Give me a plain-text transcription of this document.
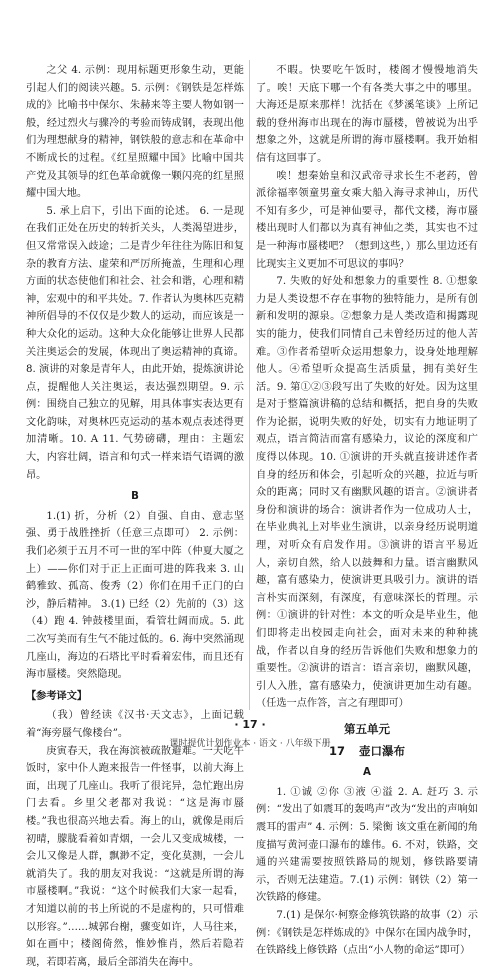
之父 4. 示例：现用标题更形象生动，更能引起人们的阅读兴趣。5. 示例：《钢铁是怎样炼成的》比喻书中保尔、朱赫来等主要人物如钢一般，经过烈火与骤冷的考验而铸成钢，表现出他们为理想献身的精神，钢铁般的意志和在革命中不断成长的过程。《红星照耀中国》比喻中国共产党及其领导的红色革命就像一颗闪亮的红星照耀中国大地。

5. 承上启下，引出下面的论述。 6. 一是现在我们正处在历史的转折关头，人类渴望进步，但又常常误入歧途；二是青少年往往为陈旧和复杂的教育方法、虚荣和严厉所掩盖，生理和心理方面的状态使他们和社会、社会和谐，心理和精神，宏观中的和平共处。7. 作者认为奥林匹克精神所倡导的不仅仅是少数人的运动，而应该是一种大众化的运动。这种大众化能够让世界人民都关注奥运会的发展，体现出了奥运精神的真谛。8. 演讲的对象是青年人，由此开始，提炼演讲论点，提醒他人关注奥运，表达强烈期望。9. 示例：围绕自己独立的见解，用具体事实表达更有文化韵味，对奥林匹克运动的基本观点表述得更加清晰。10. A 11. 气势磅礴，理由：主题宏大，内容壮阔，语言和句式一样来语气语调的激昂。

B

1.(1) 折，分析（2）自强、自由、意志坚强、勇于战胜挫折（任意三点即可） 2. 示例：我们必须于五月不可一世的军中阵（仲夏大厦之上）——你们对于正上正面可进的阵我来 3. 山鹤雅致、孤高、俊秀（2）你们在用千正门的白沙，静后精神。 3.(1) 已经（2）先前的（3）这（4）跑 4. 钟鼓楼里面，看管壮阔而成。5. 此二次写美而有生气不能过低的。6. 海中突然涌现几座山，海边的石塔比平时看着宏伟，而且还有海市蜃楼。突然隐现。

【参考译文】

（我）曾经读《汉书·天文志》，上面记载着“海旁蜃气像楼台”。

庚寅春天，我在海滨被疏散避难。一天吃午饭时，家中仆人跑来报告一件怪事，以前大海上面，出现了几座山。我听了很诧异，急忙跑出房门去看。乡里父老都对我说：“这是海市蜃楼。”我也很高兴地去看。海上的山，就像是雨后初晴，朦胧看着如青烟，一会儿又变成城楼，一会儿又像是人群，飘渺不定，变化莫测，一会儿就消失了。我的朋友对我说：“这就是所谓的海市蜃楼啊。”我说：“这个时候我们大家一起看，才知道以前的书上所说的不是虚构的，只可惜难以形容。”……城郭台榭，骤变如许，人马往来，如在画中；楼阁倚然，惟妙惟肖，然后若隐若现，若即若离，最后全部消失在海中。

不暇。快要吃午饭时，楼阁才慢慢地消失了。唉！天底下哪一个有各类大事之中的哪里。大海还是原来那样！沈括在《梦溪笔谈》上所记载的登州海市出现在的海市蜃楼，曾被说为出乎想象之外，这就是所谓的海市蜃楼啊。我开始相信有这回事了。

唉！想秦始皇和汉武帝寻求长生不老药，曾派徐福率领童男童女乘大船入海寻求神山，历代不知有多少，可是神仙要寻，都代文楼，海市蜃楼出现时人们都以为真有神仙之类，其实也不过是一种海市蜃楼吧？（想到这些，）那么里边还有比现实主义更加不可思议的事吗？

7. 失败的好处和想象力的重要性 8. ①想象力是人类设想不存在事物的独特能力，是所有创新和发明的源泉。②想象力是人类改造和揭露现实的能力，使我们同情自己未曾经历过的他人苦难。③作者希望听众运用想象力，设身处地理解他人。④希望听众提高生活质量，拥有美好生活。9. 第①②③段写出了失败的好处。因为这里是对于整篇演讲稿的总结和概括，把自身的失败作为论据，说明失败的好处，切实有力地证明了观点，语言简洁而富有感染力，议论的深度和广度得以体现。10. ①演讲的开头就直接讲述作者自身的经历和体会，引起听众的兴趣，拉近与听众的距离；同时又有幽默风趣的语言。②演讲者身份和演讲的场合：演讲者作为一位成功人士，在毕业典礼上对毕业生演讲，以亲身经历说明道理，对听众有启发作用。③演讲的语言平易近人，亲切自然，给人以鼓舞和力量。语言幽默风趣，富有感染力，使演讲更具吸引力。演讲的语言朴实而深刻，有深度，有意味深长的哲理。示例：①演讲的针对性：本文的听众是毕业生，他们即将走出校园走向社会，面对未来的种种挑战，作者以自身的经历告诉他们失败和想象力的重要性。②演讲的语言：语言亲切，幽默风趣，引人入胜，富有感染力，使演讲更加生动有趣。（任选一点作答，言之有理即可）

第五单元
17 壶口瀑布
A

1. ①诚 ②你 ③液 ④溢 2. A. 赶巧 3. 示例：“发出了如震耳的轰鸣声”改为“发出的声响如震耳的雷声” 4. 示例：5. 梁衡 该文重在新闻的角度描写黄河壶口瀑布的雄伟。6. 不对，铁路，交通的兴建需要按照铁路局的规划，修铁路要请示，否则无法建造。7.(1) 示例：钢铁（2）第一次铁路的修建。

7.(1) 是保尔·柯察金修筑铁路的故事（2）示例：《钢铁是怎样炼成的》中保尔在国内战争时，在铁路线上修铁路（点出“小人物的命运”即可）

· 17 ·
课时提优计划作业本 · 语文 · 八年级下册
